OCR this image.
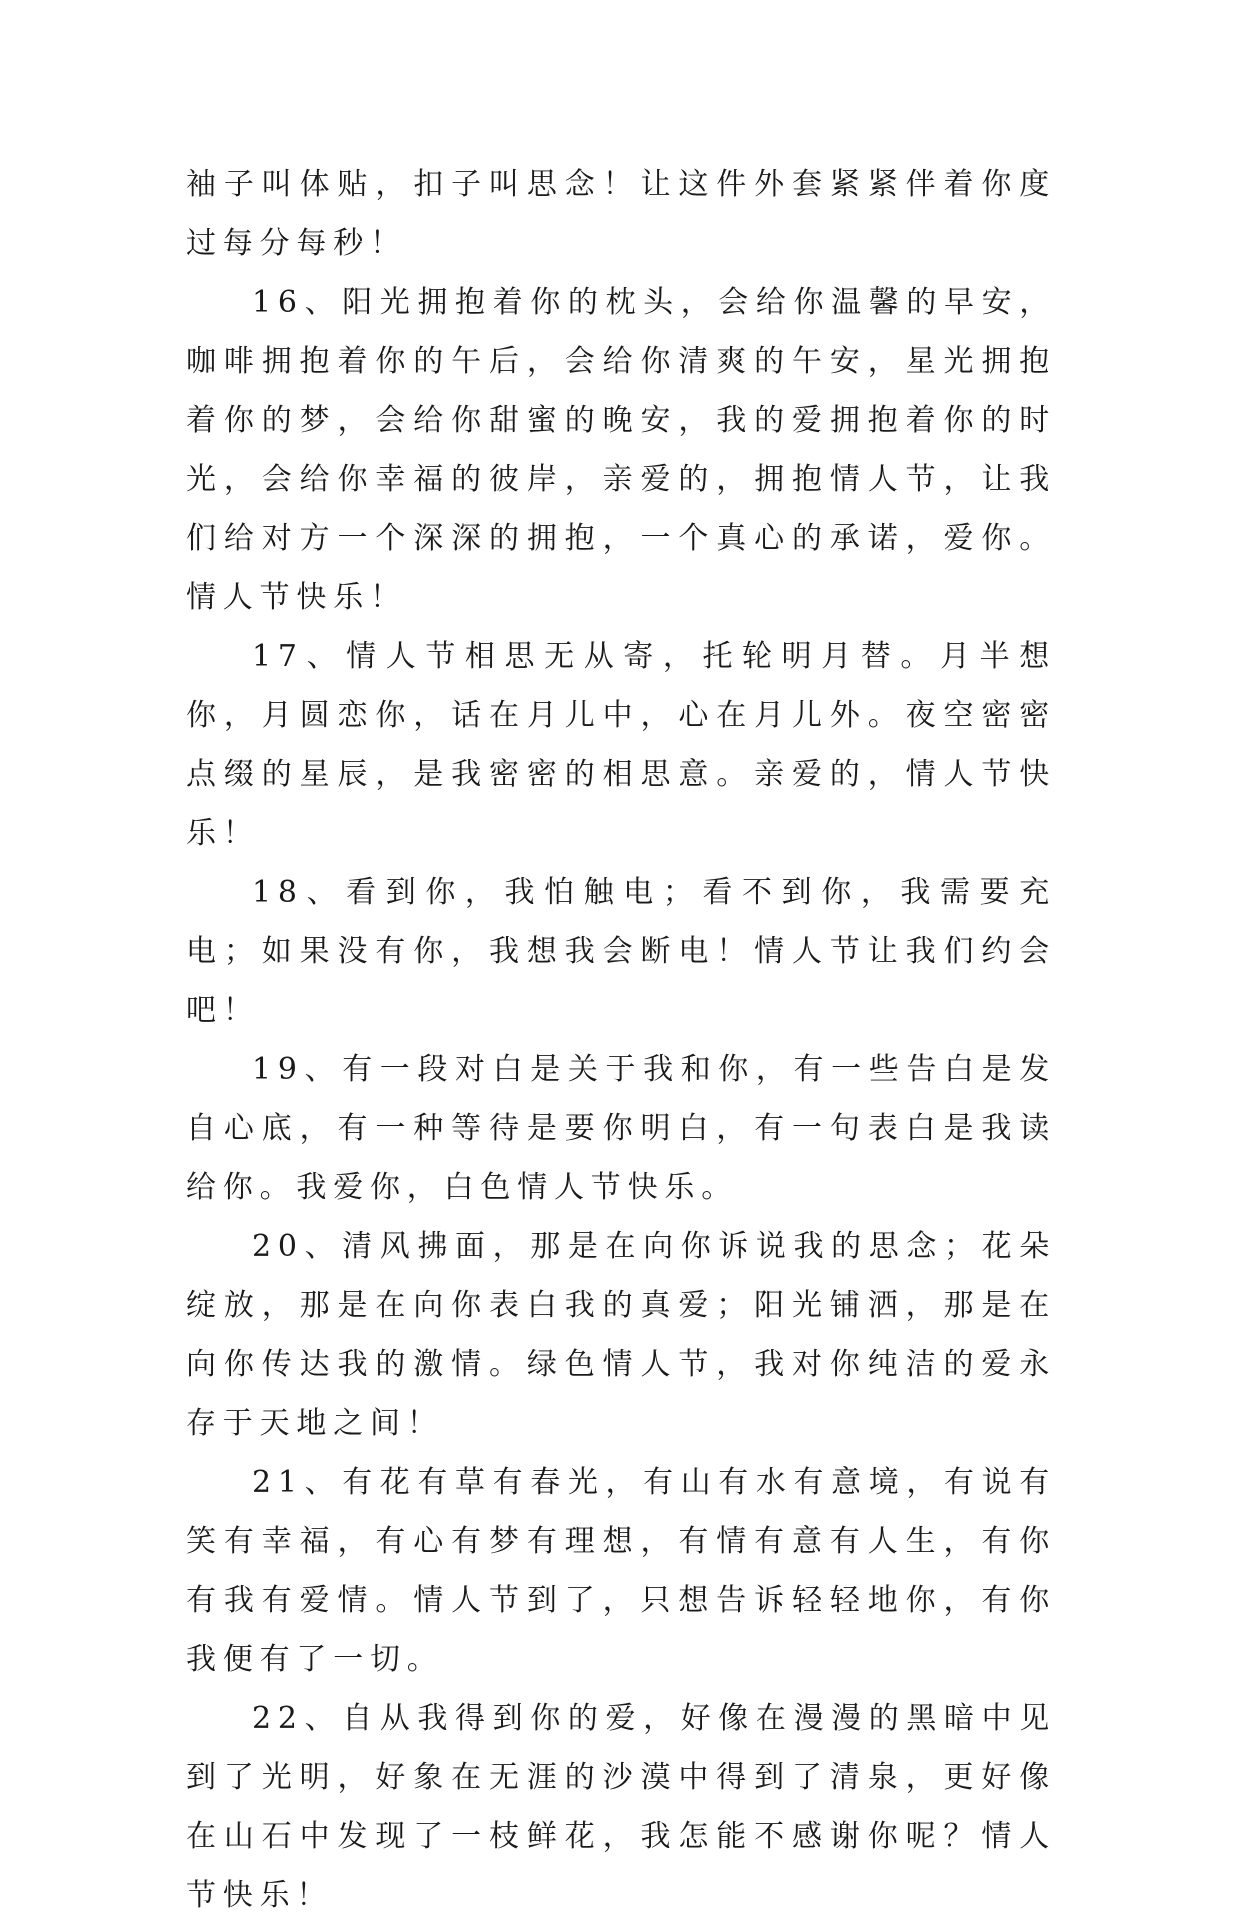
袖子叫体贴，扣子叫思念！让这件外套紧紧伴着你度过每分每秒！

16、阳光拥抱着你的枕头，会给你温馨的早安，咖啡拥抱着你的午后，会给你清爽的午安，星光拥抱着你的梦，会给你甜蜜的晚安，我的爱拥抱着你的时光，会给你幸福的彼岸，亲爱的，拥抱情人节，让我们给对方一个深深的拥抱，一个真心的承诺，爱你。情人节快乐！

17、情人节相思无从寄，托轮明月替。月半想你，月圆恋你，话在月儿中，心在月儿外。夜空密密点缀的星辰，是我密密的相思意。亲爱的，情人节快乐！

18、看到你，我怕触电；看不到你，我需要充电；如果没有你，我想我会断电！情人节让我们约会吧！

19、有一段对白是关于我和你，有一些告白是发自心底，有一种等待是要你明白，有一句表白是我读给你。我爱你，白色情人节快乐。

20、清风拂面，那是在向你诉说我的思念；花朵绽放，那是在向你表白我的真爱；阳光铺洒，那是在向你传达我的激情。绿色情人节，我对你纯洁的爱永存于天地之间！

21、有花有草有春光，有山有水有意境，有说有笑有幸福，有心有梦有理想，有情有意有人生，有你有我有爱情。情人节到了，只想告诉轻轻地你，有你我便有了一切。

22、自从我得到你的爱，好像在漫漫的黑暗中见到了光明，好象在无涯的沙漠中得到了清泉，更好像在山石中发现了一枝鲜花，我怎能不感谢你呢？情人节快乐！
